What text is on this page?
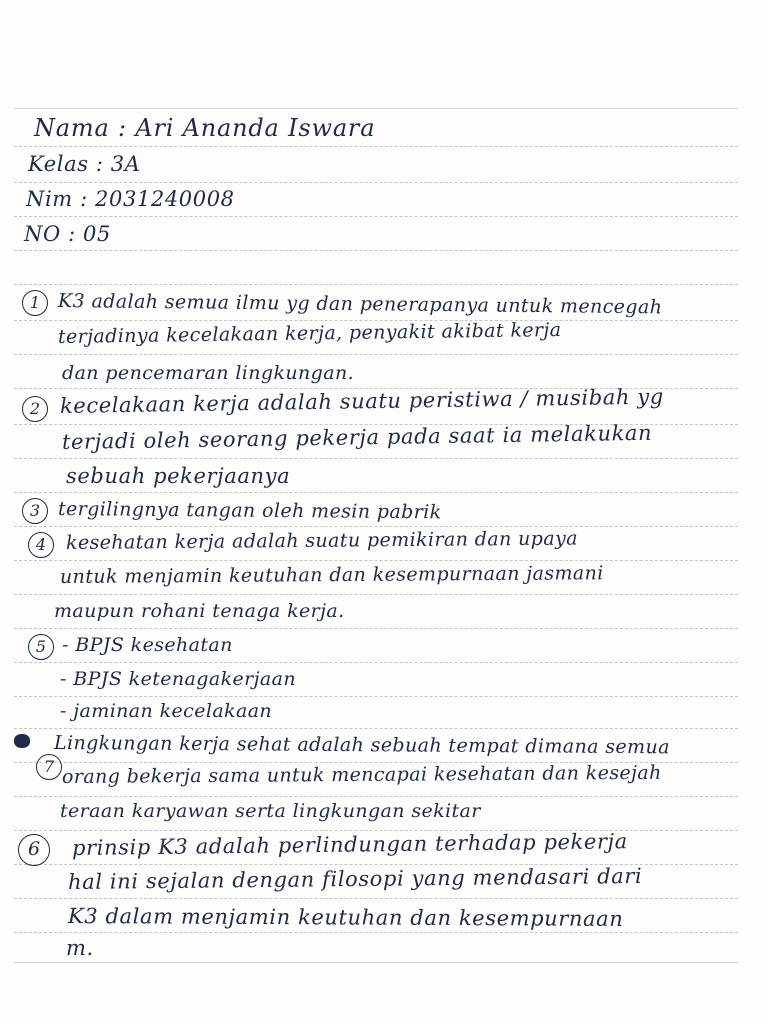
Nama : Ari Ananda Iswara
Kelas : 3A
Nim : 2031240008
NO : 05
1 K3 adalah semua ilmu yg dan penerapanya untuk mencegah
terjadinya kecelakaan kerja, penyakit akibat kerja
dan pencemaran lingkungan.
2 kecelakaan kerja adalah suatu peristiwa / musibah yg
terjadi oleh seorang pekerja pada saat ia melakukan
sebuah pekerjaanya
3 tergilingnya tangan oleh mesin pabrik
4	kesehatan kerja adalah suatu pemikiran dan upaya
untuk menjamin keutuhan dan kesempurnaan jasmani
maupun rohani tenaga kerja.
5 - BPJS kesehatan
- BPJS ketenagakerjaan
- jaminan kecelakaan
7
Lingkungan kerja sehat adalah sebuah tempat dimana semua
orang bekerja sama untuk mencapai kesehatan dan kesejah
teraan karyawan serta lingkungan sekitar
6	prinsip K3 adalah perlindungan terhadap pekerja
hal ini sejalan dengan filosopi yang mendasari dari
K3 dalam menjamin keutuhan dan kesempurnaan
m.
